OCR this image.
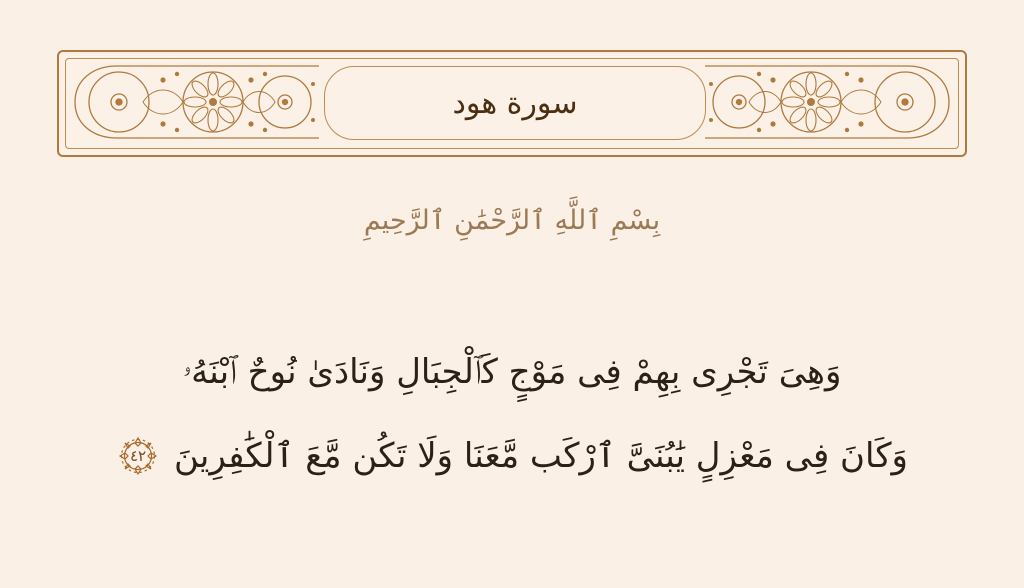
سورة هود
بِسْمِ ٱللَّهِ ٱلرَّحْمَٰنِ ٱلرَّحِيمِ
وَهِىَ تَجْرِى بِهِمْ فِى مَوْجٍ كَٱلْجِبَالِ وَنَادَىٰ نُوحٌ ٱبْنَهُۥ
وَكَانَ فِى مَعْزِلٍ يَٰبُنَىَّ ٱرْكَب مَّعَنَا وَلَا تَكُن مَّعَ ٱلْكَٰفِرِينَ
٤٢
